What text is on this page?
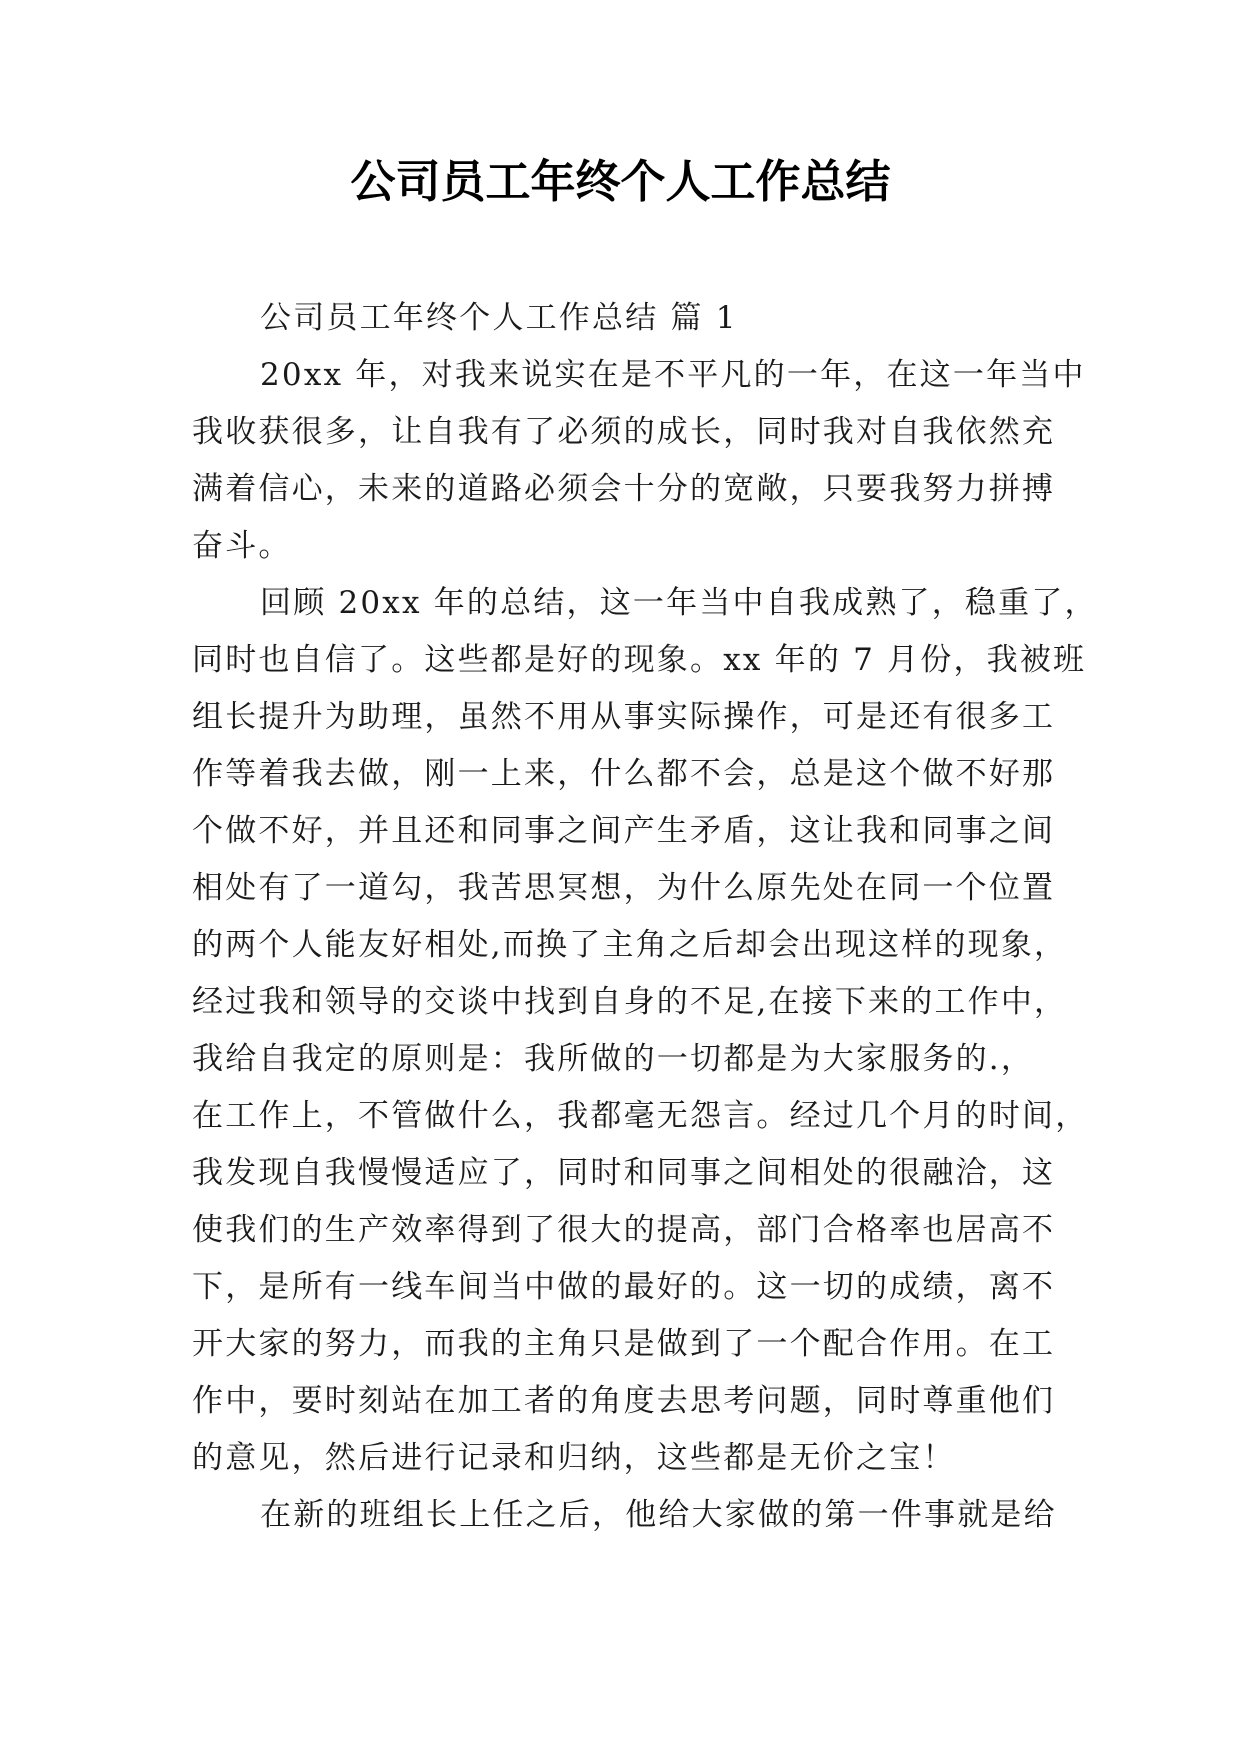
公司员工年终个人工作总结

公司员工年终个人工作总结 篇 1

20xx 年，对我来说实在是不平凡的一年，在这一年当中
我收获很多，让自我有了必须的成长，同时我对自我依然充
满着信心，未来的道路必须会十分的宽敞，只要我努力拼搏
奋斗。
回顾 20xx 年的总结，这一年当中自我成熟了，稳重了，
同时也自信了。这些都是好的现象。xx 年的 7 月份，我被班
组长提升为助理，虽然不用从事实际操作，可是还有很多工
作等着我去做，刚一上来，什么都不会，总是这个做不好那
个做不好，并且还和同事之间产生矛盾，这让我和同事之间
相处有了一道勾，我苦思冥想，为什么原先处在同一个位置
的两个人能友好相处,而换了主角之后却会出现这样的现象，
经过我和领导的交谈中找到自身的不足,在接下来的工作中，
我给自我定的原则是：我所做的一切都是为大家服务的.，
在工作上，不管做什么，我都毫无怨言。经过几个月的时间，
我发现自我慢慢适应了，同时和同事之间相处的很融洽，这
使我们的生产效率得到了很大的提高，部门合格率也居高不
下，是所有一线车间当中做的最好的。这一切的成绩，离不
开大家的努力，而我的主角只是做到了一个配合作用。在工
作中，要时刻站在加工者的角度去思考问题，同时尊重他们
的意见，然后进行记录和归纳，这些都是无价之宝！
在新的班组长上任之后，他给大家做的第一件事就是给
